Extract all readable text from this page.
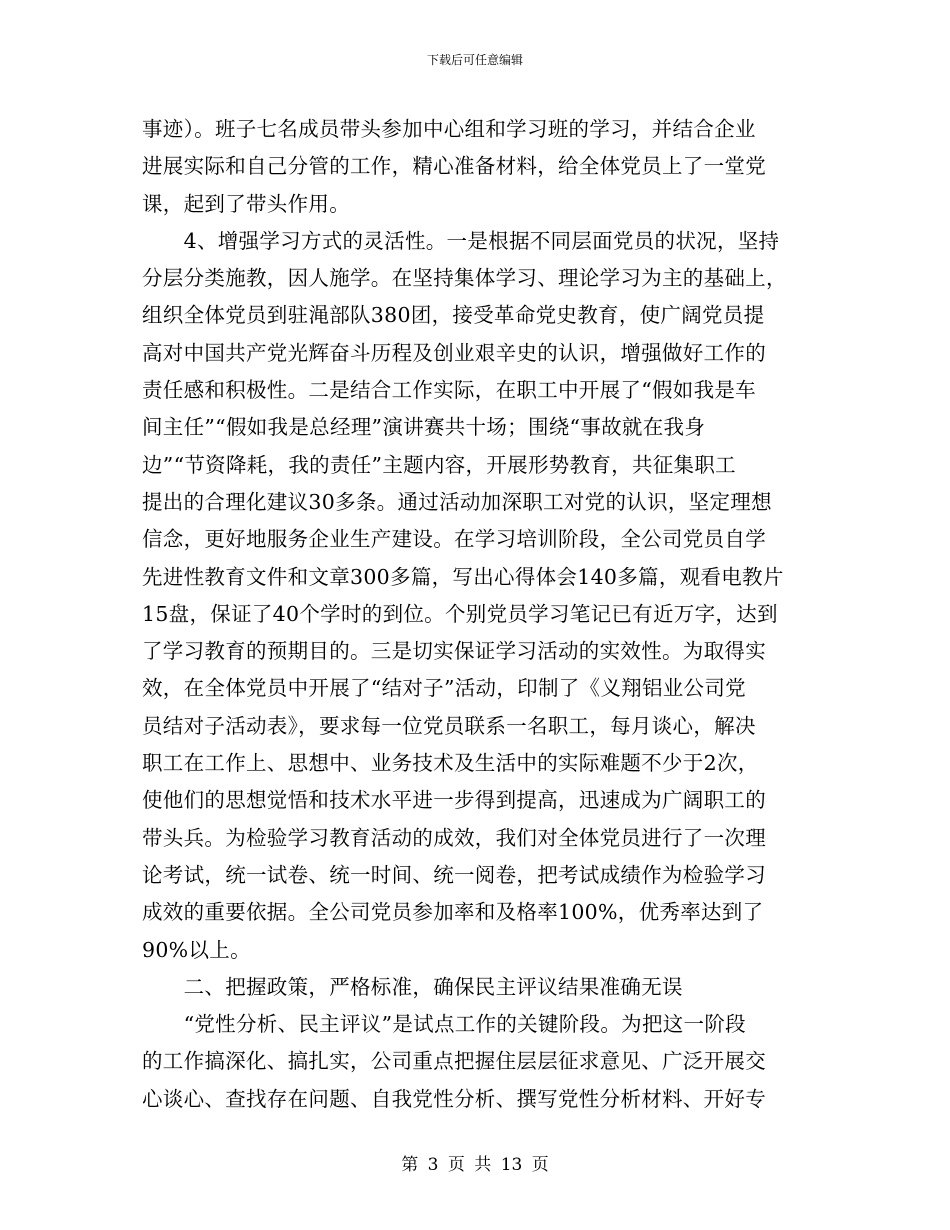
下载后可任意编辑
事迹）。班子七名成员带头参加中心组和学习班的学习，并结合企业
进展实际和自己分管的工作，精心准备材料，给全体党员上了一堂党
课，起到了带头作用。
　　4、增强学习方式的灵活性。一是根据不同层面党员的状况，坚持
分层分类施教，因人施学。在坚持集体学习、理论学习为主的基础上，
组织全体党员到驻渑部队380团，接受革命党史教育，使广阔党员提
高对中国共产党光辉奋斗历程及创业艰辛史的认识，增强做好工作的
责任感和积极性。二是结合工作实际，在职工中开展了“假如我是车
间主任”“假如我是总经理”演讲赛共十场；围绕“事故就在我身
边”“节资降耗，我的责任”主题内容，开展形势教育，共征集职工
提出的合理化建议30多条。通过活动加深职工对党的认识，坚定理想
信念，更好地服务企业生产建设。在学习培训阶段，全公司党员自学
先进性教育文件和文章300多篇，写出心得体会140多篇，观看电教片
15盘，保证了40个学时的到位。个别党员学习笔记已有近万字，达到
了学习教育的预期目的。三是切实保证学习活动的实效性。为取得实
效，在全体党员中开展了“结对子”活动，印制了《义翔铝业公司党
员结对子活动表》，要求每一位党员联系一名职工，每月谈心，解决
职工在工作上、思想中、业务技术及生活中的实际难题不少于2次，
使他们的思想觉悟和技术水平进一步得到提高，迅速成为广阔职工的
带头兵。为检验学习教育活动的成效，我们对全体党员进行了一次理
论考试，统一试卷、统一时间、统一阅卷，把考试成绩作为检验学习
成效的重要依据。全公司党员参加率和及格率100%，优秀率达到了
90%以上。
　　二、把握政策，严格标准，确保民主评议结果准确无误
　　“党性分析、民主评议”是试点工作的关键阶段。为把这一阶段
的工作搞深化、搞扎实，公司重点把握住层层征求意见、广泛开展交
心谈心、查找存在问题、自我党性分析、撰写党性分析材料、开好专
第 3 页 共 13 页
